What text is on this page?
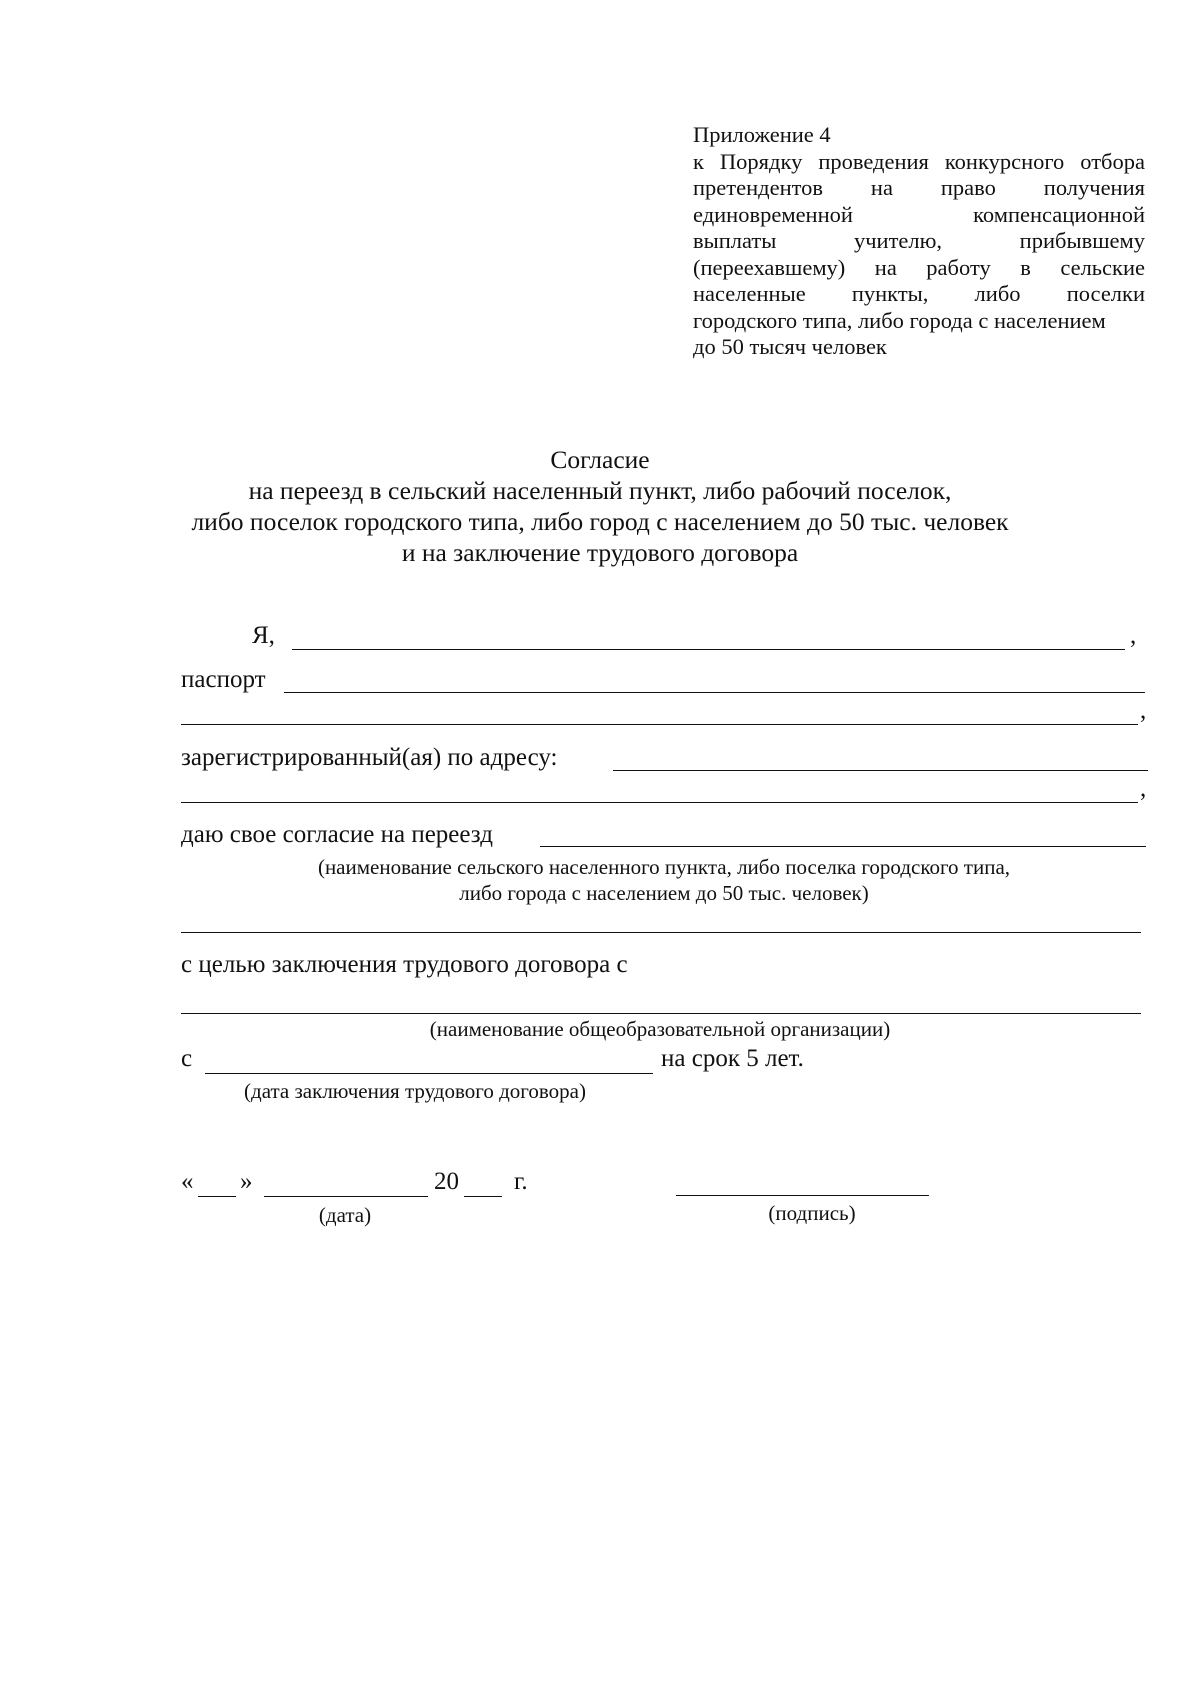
Приложение 4
к Порядку проведения конкурсного отбора
претендентов на право получения
единовременной компенсационной
выплаты учителю, прибывшему
(переехавшему) на работу в сельские
населенные пункты, либо поселки
городского типа, либо города с населением
до 50 тысяч человек
Согласие
на переезд в сельский населенный пункт, либо рабочий поселок,
либо поселок городского типа, либо город с населением до 50 тыс. человек
и на заключение трудового договора
Я,	,
паспорт
,
зарегистрированный(ая) по адресу:
,
даю свое согласие на переезд
(наименование сельского населенного пункта, либо поселка городского типа,
либо города с населением до 50 тыс. человек)
с целью заключения трудового договора с
(наименование общеобразовательной организации)
с	на срок 5 лет.
(дата заключения трудового договора)
« »	20 г.
(дата)	(подпись)
